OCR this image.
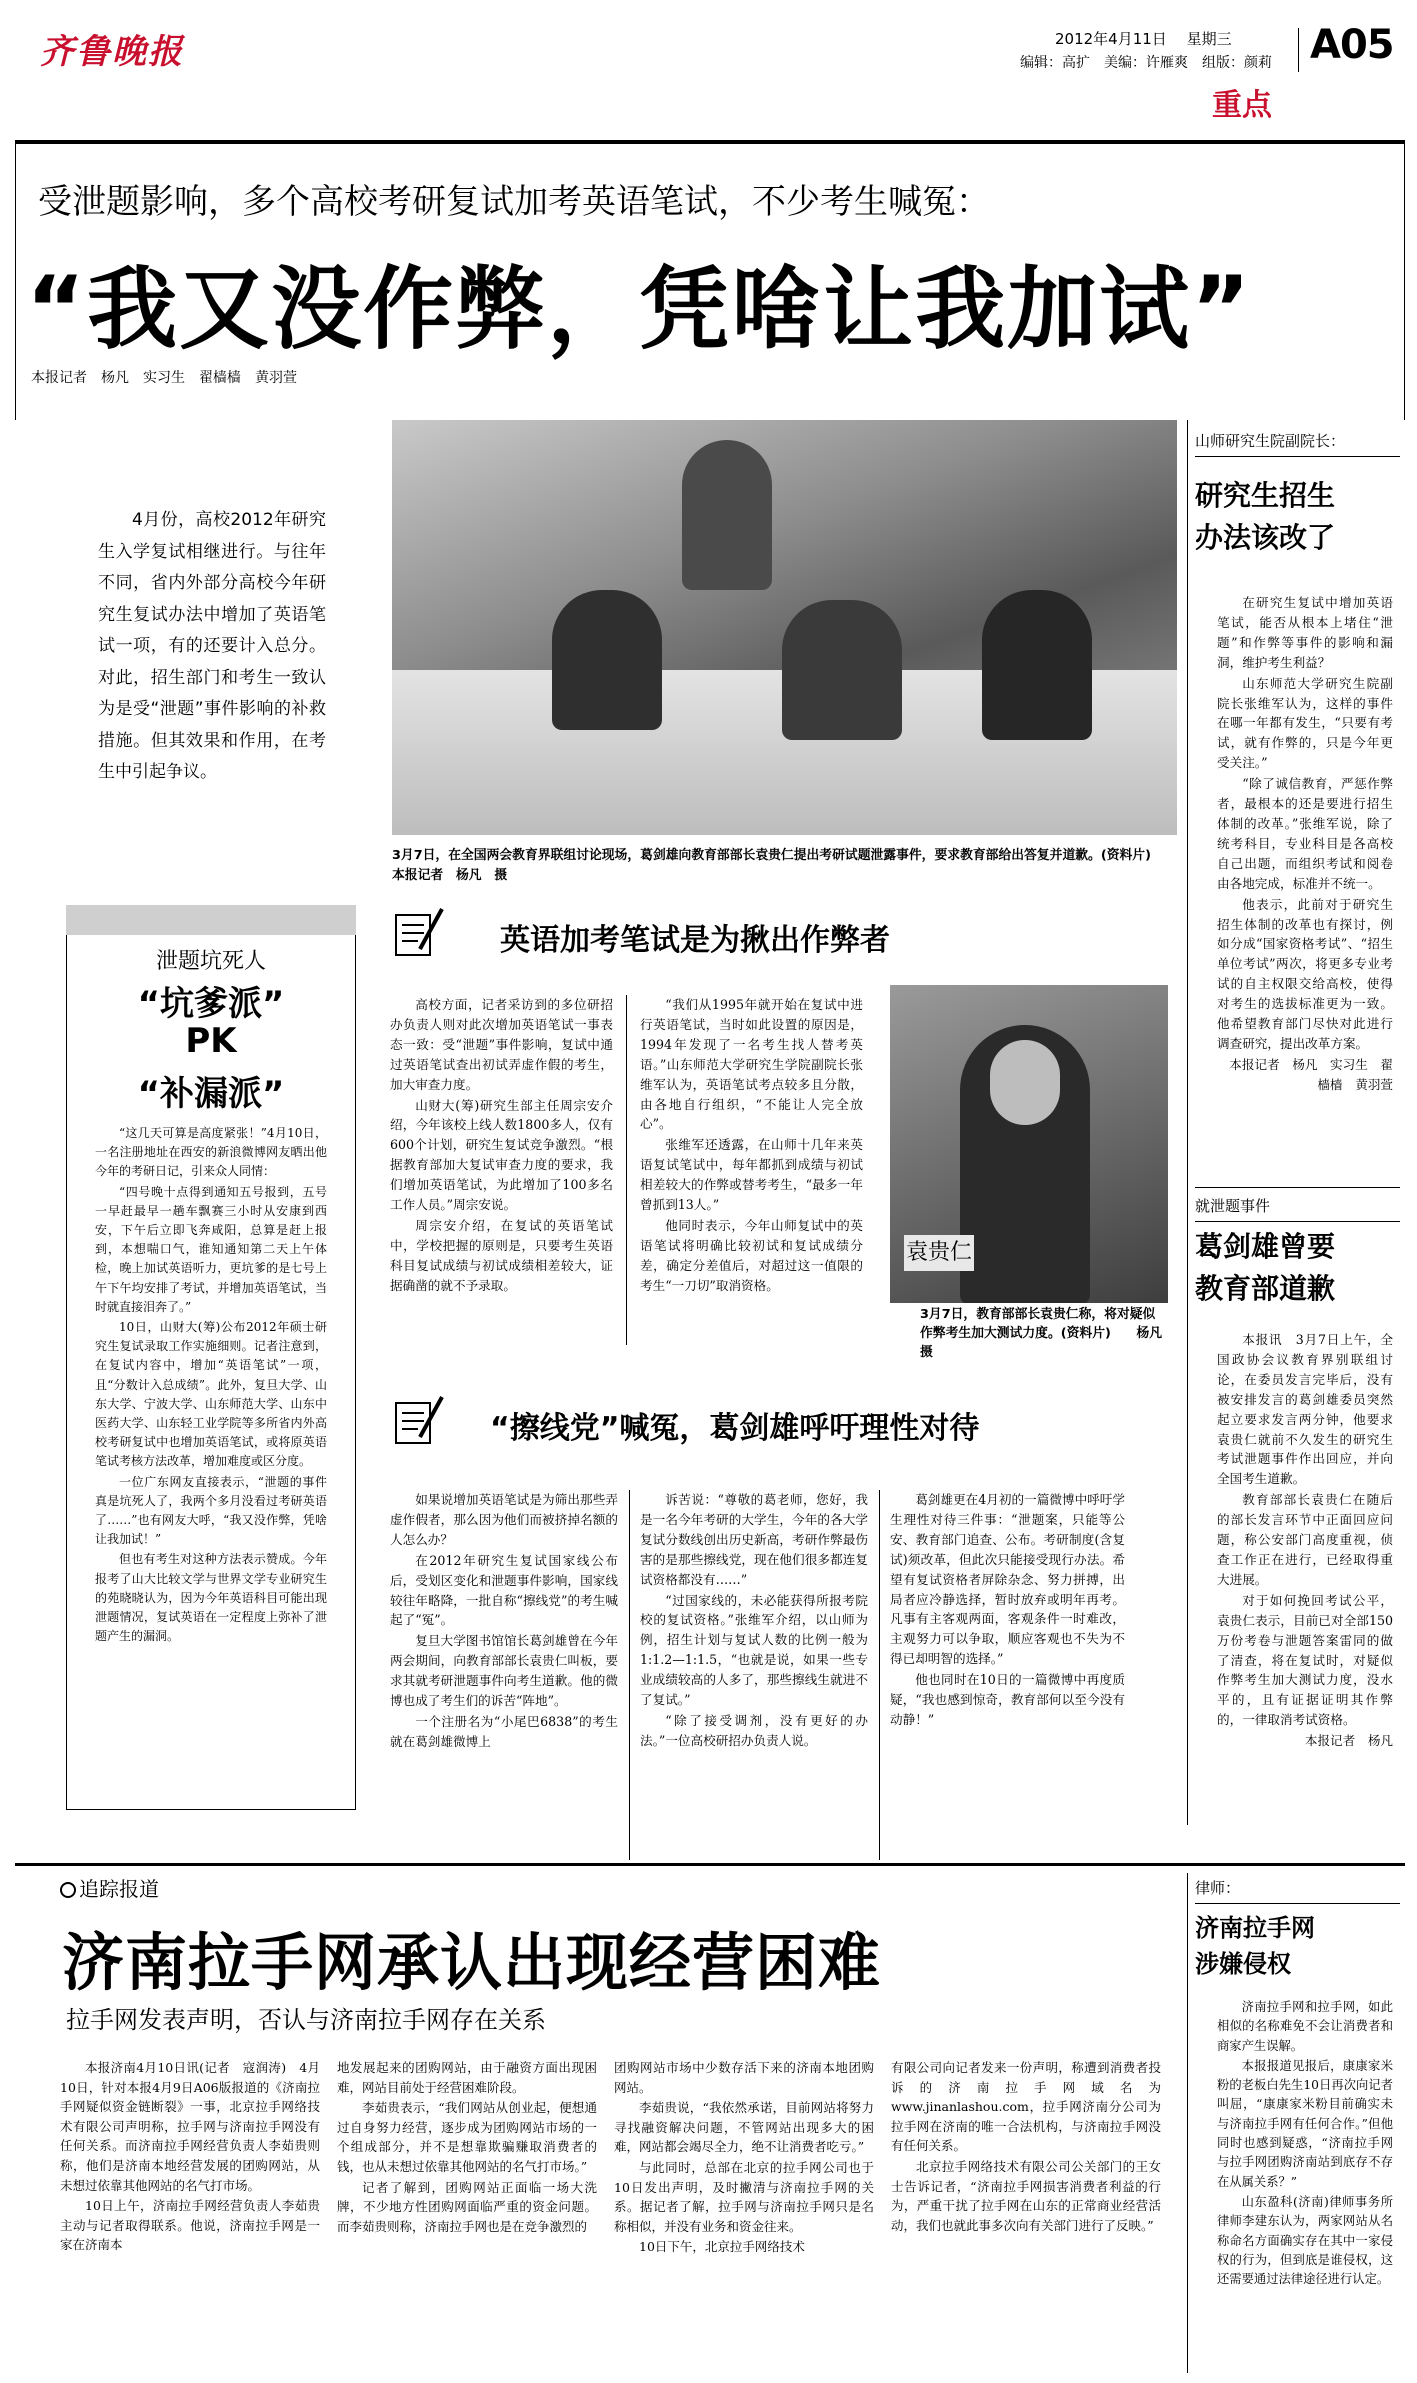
齐鲁晚报	2012年4月11日　 星期三
编辑：高扩　美编：许雁爽　组版：颜莉 A05
重点
受泄题影响，多个高校考研复试加考英语笔试，不少考生喊冤：
“我又没作弊，凭啥让我加试”
本报记者　杨凡　实习生　翟樯樯　黄羽萱
4月份，高校2012年研究生入学复试相继进行。与往年不同，省内外部分高校今年研究生复试办法中增加了英语笔试一项，有的还要计入总分。对此，招生部门和考生一致认为是受“泄题”事件影响的补救措施。但其效果和作用，在考生中引起争议。
3月7日，在全国两会教育界联组讨论现场，葛剑雄向教育部部长袁贵仁提出考研试题泄露事件，要求教育部给出答复并道歉。(资料片)　　本报记者　杨凡　摄
英语加考笔试是为揪出作弊者

高校方面，记者采访到的多位研招办负责人则对此次增加英语笔试一事表态一致：受“泄题”事件影响，复试中通过英语笔试查出初试弄虚作假的考生，加大审查力度。

山财大(筹)研究生部主任周宗安介绍，今年该校上线人数1800多人，仅有600个计划，研究生复试竞争激烈。“根据教育部加大复试审查力度的要求，我们增加英语笔试，为此增加了100多名工作人员。”周宗安说。

周宗安介绍，在复试的英语笔试中，学校把握的原则是，只要考生英语科目复试成绩与初试成绩相差较大，证据确凿的就不予录取。

“我们从1995年就开始在复试中进行英语笔试，当时如此设置的原因是，1994年发现了一名考生找人替考英语。”山东师范大学研究生学院副院长张维军认为，英语笔试考点较多且分散，由各地自行组织，“不能让人完全放心”。

张维军还透露，在山师十几年来英语复试笔试中，每年都抓到成绩与初试相差较大的作弊或替考考生，“最多一年曾抓到13人。”

他同时表示，今年山师复试中的英语笔试将明确比较初试和复试成绩分差，确定分差值后，对超过这一值限的考生“一刀切”取消资格。

袁贵仁
3月7日，教育部部长袁贵仁称，将对疑似作弊考生加大测试力度。(资料片)　　杨凡　摄
“擦线党”喊冤，葛剑雄呼吁理性对待

如果说增加英语笔试是为筛出那些弄虚作假者，那么因为他们而被挤掉名额的人怎么办？

在2012年研究生复试国家线公布后，受划区变化和泄题事件影响，国家线较往年略降，一批自称“擦线党”的考生喊起了“冤”。

复旦大学图书馆馆长葛剑雄曾在今年两会期间，向教育部部长袁贵仁叫板，要求其就考研泄题事件向考生道歉。他的微博也成了考生们的诉苦“阵地”。

一个注册名为“小尾巴6838”的考生就在葛剑雄微博上

诉苦说：“尊敬的葛老师，您好，我是一名今年考研的大学生，今年的各大学复试分数线创出历史新高，考研作弊最伤害的是那些擦线党，现在他们很多都连复试资格都没有……”

“过国家线的，未必能获得所报考院校的复试资格。”张维军介绍，以山师为例，招生计划与复试人数的比例一般为1:1.2—1:1.5，“也就是说，如果一些专业成绩较高的人多了，那些擦线生就进不了复试。”

“除了接受调剂，没有更好的办法。”一位高校研招办负责人说。

葛剑雄更在4月初的一篇微博中呼吁学生理性对待三件事：“泄题案，只能等公安、教育部门追查、公布。考研制度(含复试)须改革，但此次只能接受现行办法。希望有复试资格者屏除杂念、努力拼搏，出局者应冷静选择，暂时放弃或明年再考。凡事有主客观两面，客观条件一时难改，主观努力可以争取，顺应客观也不失为不得已却明智的选择。”

他也同时在10日的一篇微博中再度质疑，“我也感到惊奇，教育部何以至今没有动静！”

泄题坑死人
“坑爹派”
PK
“补漏派”

“这几天可算是高度紧张！”4月10日，一名注册地址在西安的新浪微博网友晒出他今年的考研日记，引来众人同情：

“四号晚十点得到通知五号报到，五号一早赶最早一趟车飘赛三小时从安康到西安，下午后立即飞奔咸阳，总算是赶上报到，本想喘口气，谁知通知第二天上午体检，晚上加试英语听力，更坑爹的是七号上午下午均安排了考试，并增加英语笔试，当时就直接泪奔了。”

10日，山财大(筹)公布2012年硕士研究生复试录取工作实施细则。记者注意到，在复试内容中，增加“英语笔试”一项，且“分数计入总成绩”。此外，复旦大学、山东大学、宁波大学、山东师范大学、山东中医药大学、山东轻工业学院等多所省内外高校考研复试中也增加英语笔试，或将原英语笔试考核方法改革，增加难度或区分度。

一位广东网友直接表示，“泄题的事件真是坑死人了，我两个多月没看过考研英语了……”也有网友大呼，“我又没作弊，凭啥让我加试！”

但也有考生对这种方法表示赞成。今年报考了山大比较文学与世界文学专业研究生的苑晓晓认为，因为今年英语科目可能出现泄题情况，复试英语在一定程度上弥补了泄题产生的漏洞。

山师研究生院副院长：
研究生招生
办法该改了

在研究生复试中增加英语笔试，能否从根本上堵住“泄题”和作弊等事件的影响和漏洞，维护考生利益？

山东师范大学研究生院副院长张维军认为，这样的事件在哪一年都有发生，“只要有考试，就有作弊的，只是今年更受关注。”

“除了诚信教育，严惩作弊者，最根本的还是要进行招生体制的改革。”张维军说，除了统考科目，专业科目是各高校自己出题，而组织考试和阅卷由各地完成，标准并不统一。

他表示，此前对于研究生招生体制的改革也有探讨，例如分成“国家资格考试”、“招生单位考试”两次，将更多专业考试的自主权限交给高校，使得对考生的选拔标准更为一致。他希望教育部门尽快对此进行调查研究，提出改革方案。

本报记者　杨凡　实习生　翟樯樯　黄羽萱

就泄题事件
葛剑雄曾要
教育部道歉

本报讯　3月7日上午，全国政协会议教育界别联组讨论，在委员发言完毕后，没有被安排发言的葛剑雄委员突然起立要求发言两分钟，他要求袁贵仁就前不久发生的研究生考试泄题事件作出回应，并向全国考生道歉。

教育部部长袁贵仁在随后的部长发言环节中正面回应问题，称公安部门高度重视，侦查工作正在进行，已经取得重大进展。

对于如何挽回考试公平，袁贵仁表示，目前已对全部150万份考卷与泄题答案雷同的做了清查，将在复试时，对疑似作弊考生加大测试力度，没水平的，且有证据证明其作弊的，一律取消考试资格。

本报记者　杨凡

追踪报道
济南拉手网承认出现经营困难
拉手网发表声明，否认与济南拉手网存在关系

本报济南4月10日讯(记者　寇润涛)　4月10日，针对本报4月9日A06版报道的《济南拉手网疑似资金链断裂》一事，北京拉手网络技术有限公司声明称，拉手网与济南拉手网没有任何关系。而济南拉手网经营负责人李茹贵则称，他们是济南本地经营发展的团购网站，从未想过依靠其他网站的名气打市场。

10日上午，济南拉手网经营负责人李茹贵主动与记者取得联系。他说，济南拉手网是一家在济南本

地发展起来的团购网站，由于融资方面出现困难，网站目前处于经营困难阶段。

李茹贵表示，“我们网站从创业起，便想通过自身努力经营，逐步成为团购网站市场的一个组成部分，并不是想靠欺骗赚取消费者的钱，也从未想过依靠其他网站的名气打市场。”

记者了解到，团购网站正面临一场大洗牌，不少地方性团购网面临严重的资金问题。而李茹贵则称，济南拉手网也是在竞争激烈的

团购网站市场中少数存活下来的济南本地团购网站。

李茹贵说，“我依然承诺，目前网站将努力寻找融资解决问题，不管网站出现多大的困难，网站都会竭尽全力，绝不让消费者吃亏。”

与此同时，总部在北京的拉手网公司也于10日发出声明，及时撇清与济南拉手网的关系。据记者了解，拉手网与济南拉手网只是名称相似，并没有业务和资金往来。

10日下午，北京拉手网络技术

有限公司向记者发来一份声明，称遭到消费者投诉的济南拉手网域名为www.jinanlashou.com，拉手网济南分公司为拉手网在济南的唯一合法机构，与济南拉手网没有任何关系。

北京拉手网络技术有限公司公关部门的王女士告诉记者，“济南拉手网损害消费者利益的行为，严重干扰了拉手网在山东的正常商业经营活动，我们也就此事多次向有关部门进行了反映。”

律师：
济南拉手网
涉嫌侵权

济南拉手网和拉手网，如此相似的名称难免不会让消费者和商家产生误解。

本报报道见报后，康康家米粉的老板白先生10日再次向记者叫屈，“康康家米粉目前确实未与济南拉手网有任何合作。”但他同时也感到疑惑，“济南拉手网与拉手网团购济南站到底存不存在从属关系？”

山东盈科(济南)律师事务所律师李建东认为，两家网站从名称命名方面确实存在其中一家侵权的行为，但到底是谁侵权，这还需要通过法律途径进行认定。
